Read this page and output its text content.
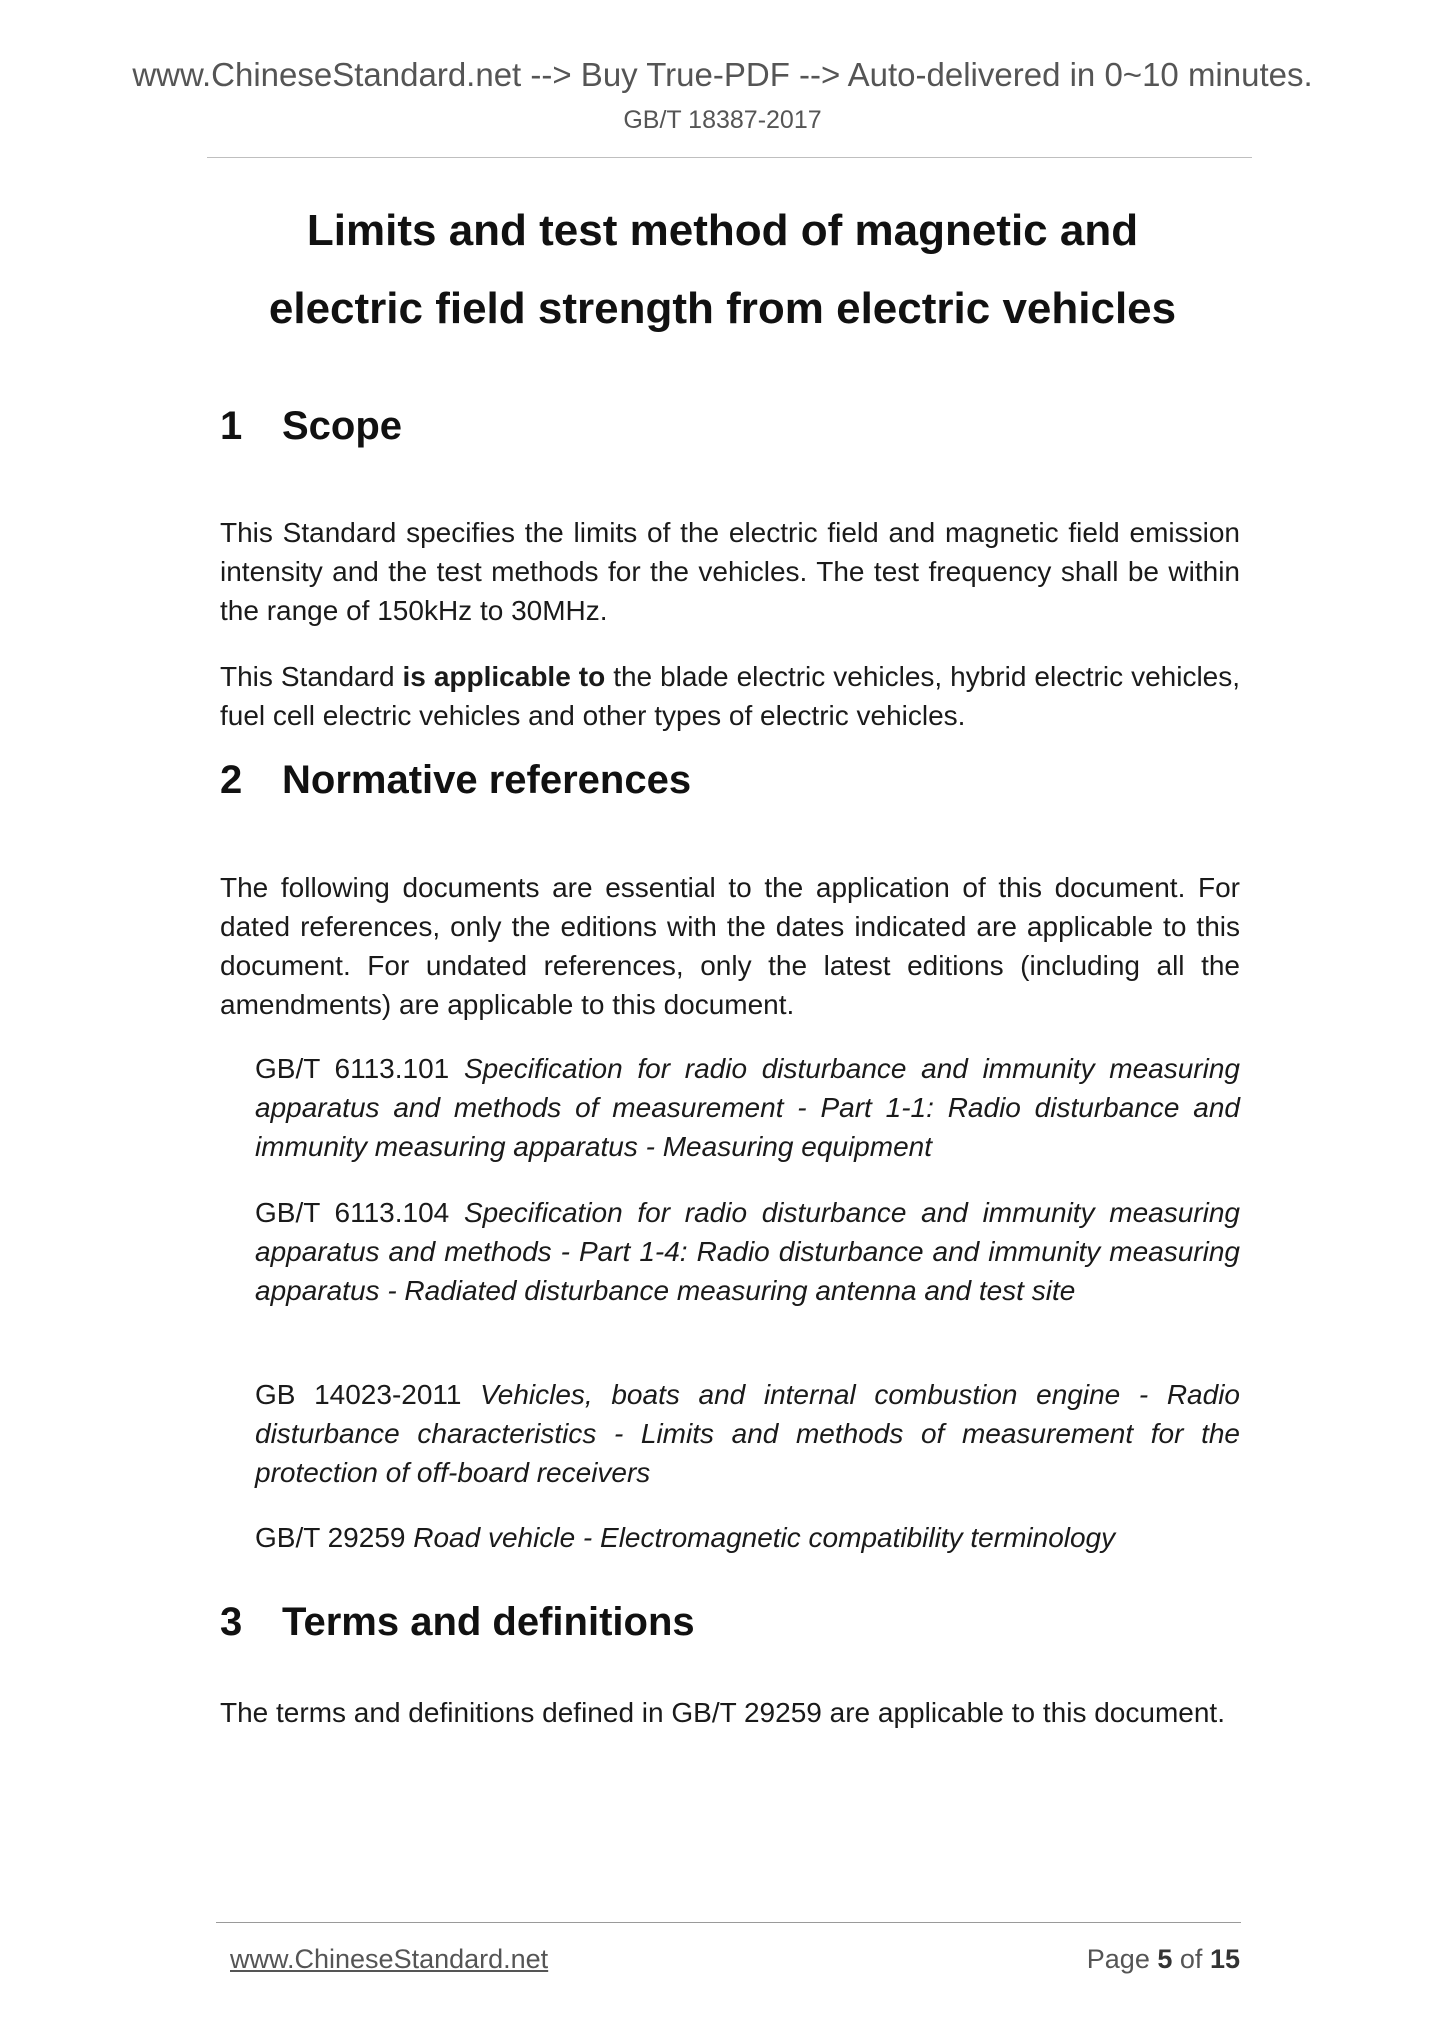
www.ChineseStandard.net --> Buy True-PDF --> Auto-delivered in 0~10 minutes.
GB/T 18387-2017
Limits and test method of magnetic and
electric field strength from electric vehicles
1 Scope
This Standard specifies the limits of the electric field and magnetic field emission intensity and the test methods for the vehicles. The test frequency shall be within the range of 150kHz to 30MHz.
This Standard is applicable to the blade electric vehicles, hybrid electric vehicles, fuel cell electric vehicles and other types of electric vehicles.
2 Normative references
The following documents are essential to the application of this document. For dated references, only the editions with the dates indicated are applicable to this document. For undated references, only the latest editions (including all the amendments) are applicable to this document.
GB/T 6113.101 Specification for radio disturbance and immunity measuring apparatus and methods of measurement - Part 1-1: Radio disturbance and immunity measuring apparatus - Measuring equipment
GB/T 6113.104 Specification for radio disturbance and immunity measuring apparatus and methods - Part 1-4: Radio disturbance and immunity measuring apparatus - Radiated disturbance measuring antenna and test site
GB 14023-2011 Vehicles, boats and internal combustion engine - Radio disturbance characteristics - Limits and methods of measurement for the protection of off-board receivers
GB/T 29259 Road vehicle - Electromagnetic compatibility terminology
3 Terms and definitions
The terms and definitions defined in GB/T 29259 are applicable to this document.
www.ChineseStandard.net	Page 5 of 15
